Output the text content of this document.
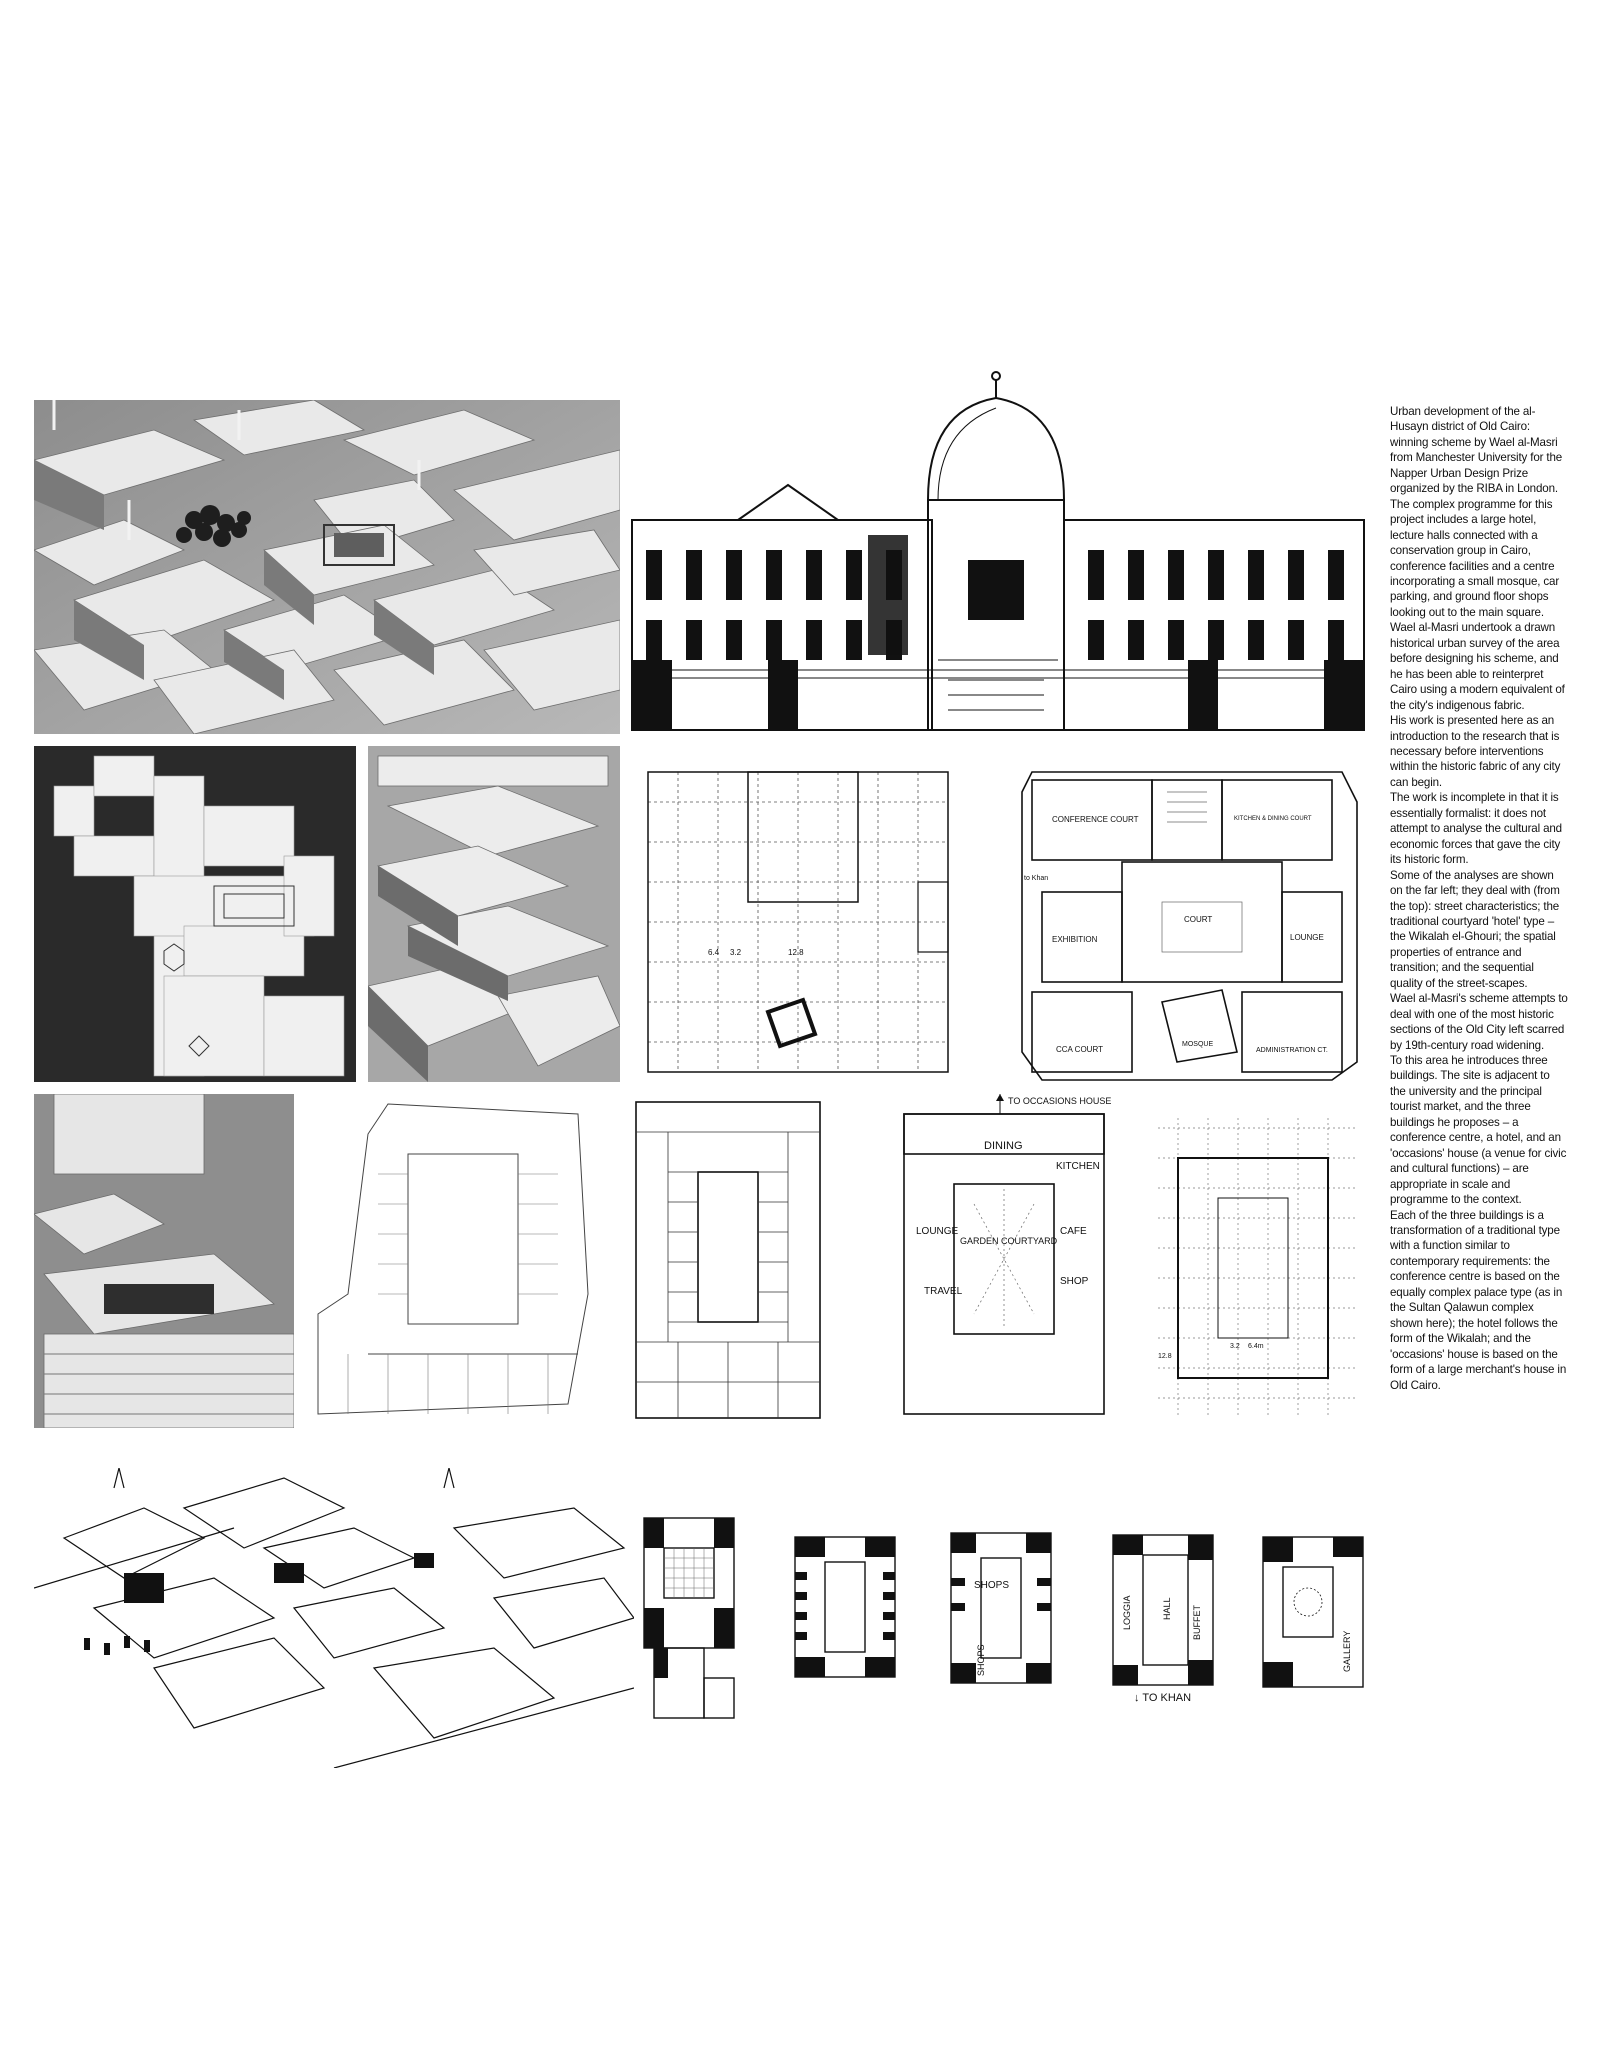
6.4 3.2	12.8
CONFERENCE COURT	KITCHEN & DINING COURT
to Khan
EXHIBITION
COURT
LOUNGE
CCA COURT
MOSQUE
ADMINISTRATION CT.
TO OCCASIONS HOUSE
DINING
KITCHEN
LOUNGE
GARDEN COURTYARD
CAFE
SHOP
TRAVEL
12.8
3.2 6.4m
SHOPS
SHOPS
↓ TO KHAN
LOGGIA	HALL BUFFET
GALLERY

Urban development of the al-Husayn district of Old Cairo: winning scheme by Wael al-Masri from Manchester University for the Napper Urban Design Prize organized by the RIBA in London.

The complex programme for this project includes a large hotel, lecture halls connected with a conservation group in Cairo, conference facilities and a centre incorporating a small mosque, car parking, and ground floor shops looking out to the main square.

Wael al-Masri undertook a drawn historical urban survey of the area before designing his scheme, and he has been able to reinterpret Cairo using a modern equivalent of the city's indigenous fabric.

His work is presented here as an introduction to the research that is necessary before interventions within the historic fabric of any city can begin.

The work is incomplete in that it is essentially formalist: it does not attempt to analyse the cultural and economic forces that gave the city its historic form.

Some of the analyses are shown on the far left; they deal with (from the top): street characteristics; the traditional courtyard 'hotel' type – the Wikalah el-Ghouri; the spatial properties of entrance and transition; and the sequential quality of the street-scapes.

Wael al-Masri's scheme attempts to deal with one of the most historic sections of the Old City left scarred by 19th-century road widening.

To this area he introduces three buildings. The site is adjacent to the university and the principal tourist market, and the three buildings he proposes – a conference centre, a hotel, and an 'occasions' house (a venue for civic and cultural functions) – are appropriate in scale and programme to the context.

Each of the three buildings is a transformation of a traditional type with a function similar to contemporary requirements: the conference centre is based on the equally complex palace type (as in the Sultan Qalawun complex shown here); the hotel follows the form of the Wikalah; and the 'occasions' house is based on the form of a large merchant's house in Old Cairo.
